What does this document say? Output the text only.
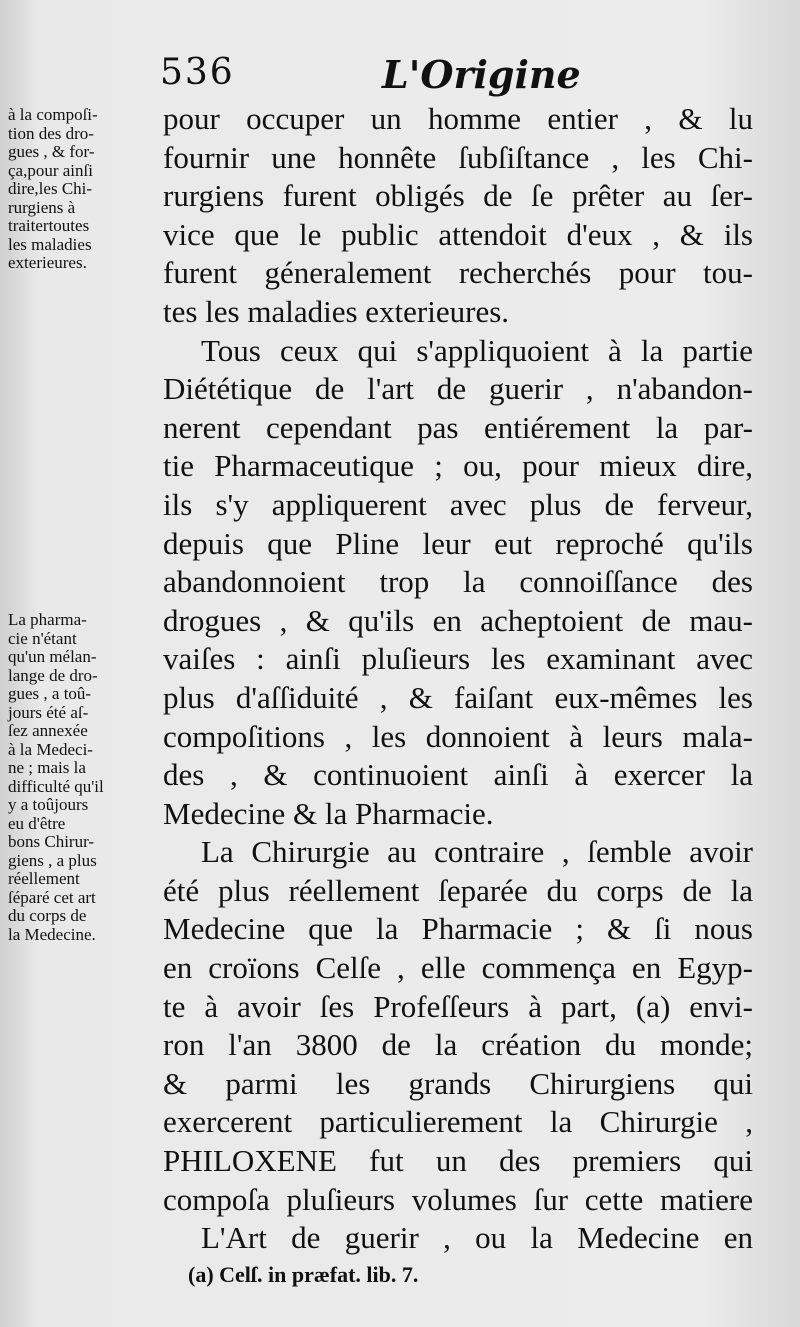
536	L'Origine
à la compoſi-
tion des dro-
gues , & for-
ça,pour ainſi
dire,les Chi-
rurgiens à
traitertoutes
les maladies
exterieures.
La pharma-
cie n'étant
qu'un mélan-
lange de dro-
gues , a toû-
jours été aſ-
ſez annexée
à la Medeci-
ne ; mais la
difficulté qu'il
y a toûjours
eu d'être
bons Chirur-
giens , a plus
réellement
ſéparé cet art
du corps de
la Medecine.
pour occuper un homme entier , & lu
fournir une honnête ſubſiſtance , les Chi-
rurgiens furent obligés de ſe prêter au ſer-
vice que le public attendoit d'eux , & ils
furent géneralement recherchés pour tou-
tes les maladies exterieures.
Tous ceux qui s'appliquoient à la partie
Diététique de l'art de guerir , n'abandon-
nerent cependant pas entiérement la par-
tie Pharmaceutique ; ou, pour mieux dire,
ils s'y appliquerent avec plus de ferveur,
depuis que Pline leur eut reproché qu'ils
abandonnoient trop la connoiſſance des
drogues , & qu'ils en acheptoient de mau-
vaiſes : ainſi pluſieurs les examinant avec
plus d'aſſiduité , & faiſant eux-mêmes les
compoſitions , les donnoient à leurs mala-
des , & continuoient ainſi à exercer la
Medecine & la Pharmacie.
La Chirurgie au contraire , ſemble avoir
été plus réellement ſeparée du corps de la
Medecine que la Pharmacie ; & ſi nous
en croïons Celſe , elle commença en Egyp-
te à avoir ſes Profeſſeurs à part, (a) envi-
ron l'an 3800 de la création du monde;
& parmi les grands Chirurgiens qui
exercerent particulierement la Chirurgie ,
PHILOXENE fut un des premiers qui
compoſa pluſieurs volumes ſur cette matiere
L'Art de guerir , ou la Medecine en
(a) Celſ. in præfat. lib. 7.
